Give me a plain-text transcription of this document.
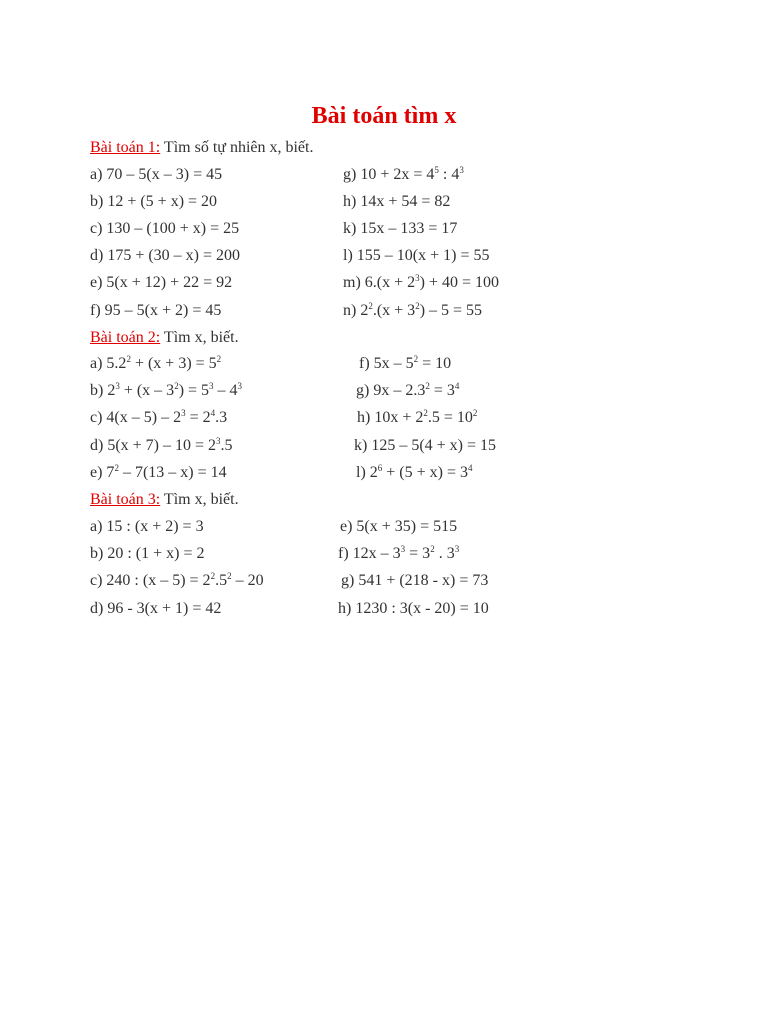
Bài toán tìm x
Bài toán 1: Tìm số tự nhiên x, biết.
a) 70 – 5(x – 3) = 45	g) $10 + 2x = 4^5$ : $4^3$
b) 12 + (5 + x) = 20	h) 14x + 54 = 82
c) 130 – (100 + x) = 25	k) 15x – 133 = 17
d) 175 + (30 – x) = 200	l) 155 – 10(x + 1) = 55
e) 5(x + 12) + 22 = 92	m) $6.(x + 2^3) + 40 = 100$
f) 95 – 5(x + 2) = 45	n) $2^2.(x + 3^2) - 5 = 55$
Bài toán 2: Tìm x, biết.
a) $5.2^2 + (x + 3) = 5^2$	f) $5x - 5^2 = 10$
b) $2^3 + (x - 3^2) = 5^3 - 4^3$	g) $9x - 2.3^2 = 3^4$
c) $4(x - 5) - 2^3 = 2^4.3$	h) $10x + 2^2.5 = 10^2$
d) $5(x + 7) - 10 = 2^3.5$	k) 125 – 5(4 + x) = 15
e) $7^2 - 7(13 - x) = 14$	l) $2^6 + (5 + x) = 3^4$
Bài toán 3: Tìm x, biết.
a) 15 : (x + 2) = 3	e) 5(x + 35) = 515
b) 20 : (1 + x) = 2	f) $12x - 3^3 = 3^2$ . $3^3$
c) 240 : $(x - 5) = 2^2.5^2 - 20$	g) 541 + (218 - x) = 73
d) 96 - 3(x + 1) = 42	h) 1230 : 3(x - 20) = 10
